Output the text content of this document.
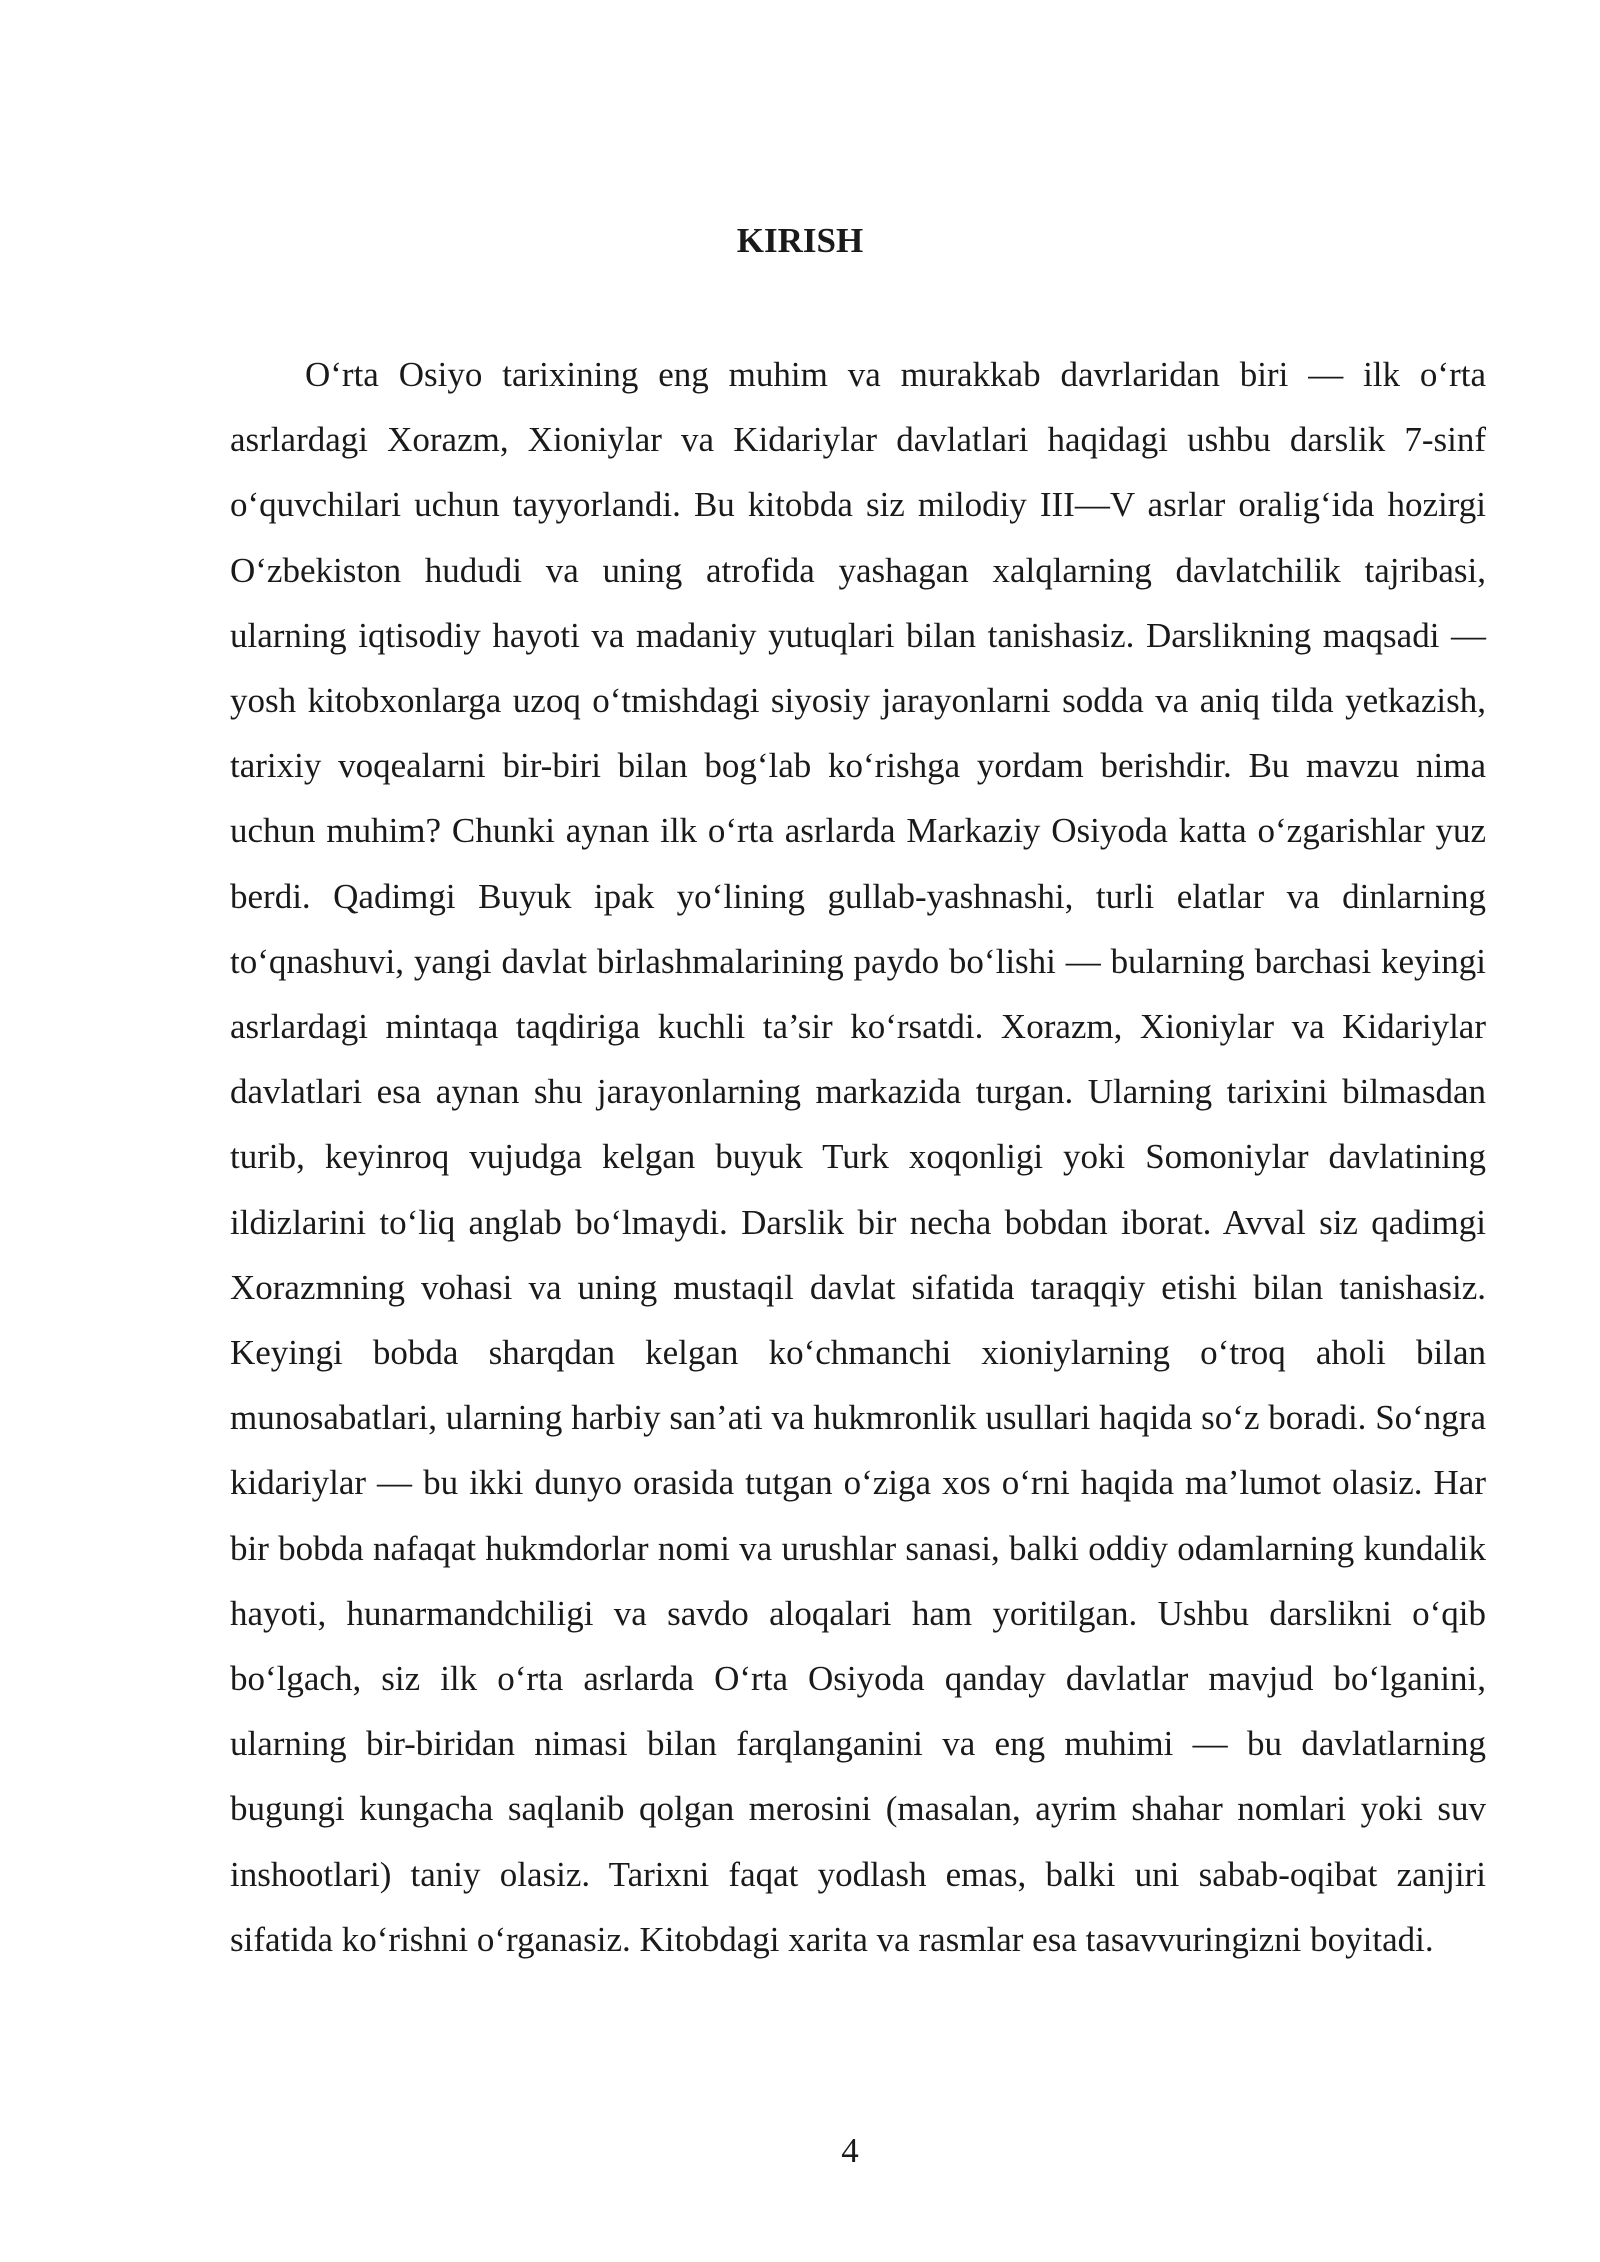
KIRISH

O‘rta Osiyo tarixining eng muhim va murakkab davrlaridan biri — ilk o‘rta asrlardagi Xorazm, Xioniylar va Kidariylar davlatlari haqidagi ushbu darslik 7-sinf o‘quvchilari uchun tayyorlandi. Bu kitobda siz milodiy III—V asrlar oralig‘ida hozirgi O‘zbekiston hududi va uning atrofida yashagan xalqlarning davlatchilik tajribasi, ularning iqtisodiy hayoti va madaniy yutuqlari bilan tanishasiz. Darslikning maqsadi — yosh kitobxonlarga uzoq o‘tmishdagi siyosiy jarayonlarni sodda va aniq tilda yetkazish, tarixiy voqealarni bir-biri bilan bog‘lab ko‘rishga yordam berishdir. Bu mavzu nima uchun muhim? Chunki aynan ilk o‘rta asrlarda Markaziy Osiyoda katta o‘zgarishlar yuz berdi. Qadimgi Buyuk ipak yo‘lining gullab-yashnashi, turli elatlar va dinlarning to‘qnashuvi, yangi davlat birlashmalarining paydo bo‘lishi — bularning barchasi keyingi asrlardagi mintaqa taqdiriga kuchli ta’sir ko‘rsatdi. Xorazm, Xioniylar va Kidariylar davlatlari esa aynan shu jarayonlarning markazida turgan. Ularning tarixini bilmasdan turib, keyinroq vujudga kelgan buyuk Turk xoqonligi yoki Somoniylar davlatining ildizlarini to‘liq anglab bo‘lmaydi. Darslik bir necha bobdan iborat. Avval siz qadimgi Xorazmning vohasi va uning mustaqil davlat sifatida taraqqiy etishi bilan tanishasiz. Keyingi bobda sharqdan kelgan ko‘chmanchi xioniylarning o‘troq aholi bilan munosabatlari, ularning harbiy san’ati va hukmronlik usullari haqida so‘z boradi. So‘ngra kidariylar — bu ikki dunyo orasida tutgan o‘ziga xos o‘rni haqida ma’lumot olasiz. Har bir bobda nafaqat hukmdorlar nomi va urushlar sanasi, balki oddiy odamlarning kundalik hayoti, hunarmandchiligi va savdo aloqalari ham yoritilgan. Ushbu darslikni o‘qib bo‘lgach, siz ilk o‘rta asrlarda O‘rta Osiyoda qanday davlatlar mavjud bo‘lganini, ularning bir-biridan nimasi bilan farqlanganini va eng muhimi — bu davlatlarning bugungi kungacha saqlanib qolgan merosini (masalan, ayrim shahar nomlari yoki suv inshootlari) taniy olasiz. Tarixni faqat yodlash emas, balki uni sabab-oqibat zanjiri sifatida ko‘rishni o‘rganasiz. Kitobdagi xarita va rasmlar esa tasavvuringizni boyitadi.

4
